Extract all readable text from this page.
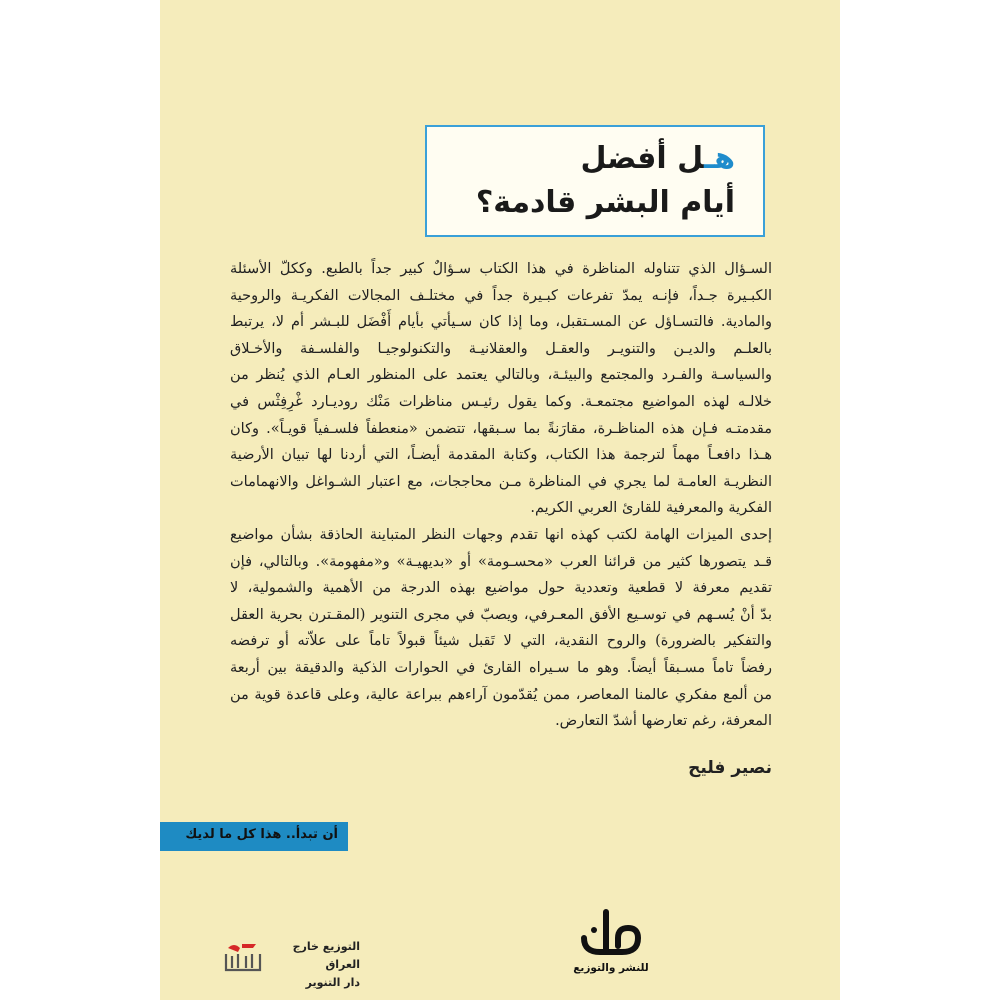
هـل أفضل
أيام البشر قادمة؟
السـؤال الذي تتناوله المناظرة في هذا الكتاب سـؤالٌ كبير جداً بالطبع. وككلّ الأسئلة
الكبـيرة جـداً، فإنـه يمدّ تفرعات كبـيرة جداً في مختلـف المجالات الفكريـة والروحية
والمادية. فالتسـاؤل عن المسـتقبل، وما إذا كان سـيأتي بأيام أَفْضَل للبـشر أم لا، يرتبط
بالعلـم والديـن والتنويـر والعقـل والعقلانيـة والتكنولوجيـا والفلسـفة والأخـلاق
والسياسـة والفـرد والمجتمع والبيئـة، وبالتالي يعتمد على المنظور العـام الذي يُنظر من
خلالـه لهذه المواضيع مجتمعـة. وكما يقول رئيـس مناظرات مَنْك روديـارد غْرِفِثْس في
مقدمتـه فـإن هذه المناظـرة، مقارَنةً بما سـبقها، تتضمن «منعطفاً فلسـفياً قويـاً». وكان
هـذا دافعـاً مهماً لترجمة هذا الكتاب، وكتابة المقدمة أيضـاً، التي أردنا لها تبيان الأرضية
النظريـة العامـة لما يجري في المناظرة مـن محاججات، مع اعتبار الشـواغل والانهمامات
الفكرية والمعرفية للقارئ العربي الكريم.
إحدى الميزات الهامة لكتب كهذه انها تقدم وجهات النظر المتباينة الحاذقة بشأن مواضيع
قـد يتصورها كثير من قرائنا العرب «محسـومة» أو «بديهيـة» و«مفهومة». وبالتالي، فإن
تقديم معرفة لا قطعية وتعددية حول مواضيع بهذه الدرجة من الأهمية والشمولية، لا
بدّ أنْ يُسـهم في توسـيع الأفق المعـرفي، ويصبّ في مجرى التنوير (المقـترن بحرية العقل
والتفكير بالضرورة) والروح النقدية، التي لا تَقبل شيئاً قبولاً تاماً على علاّته أو ترفضه
رفضاً تاماً مسـبقاً أيضاً. وهو ما سـيراه القارئ في الحوارات الذكية والدقيقة بين أربعة
من ألمع مفكري عالمنا المعاصر، ممن يُقدّمون آراءهم ببراعة عالية، وعلى قاعدة قوية من
المعرفة، رغم تعارضها أشدّ التعارض.
نصير فليح
أن تبدأ.. هذا كل ما لديك
التوزيع خارج العراق
دار التنوير
للنشر والتوزيع
